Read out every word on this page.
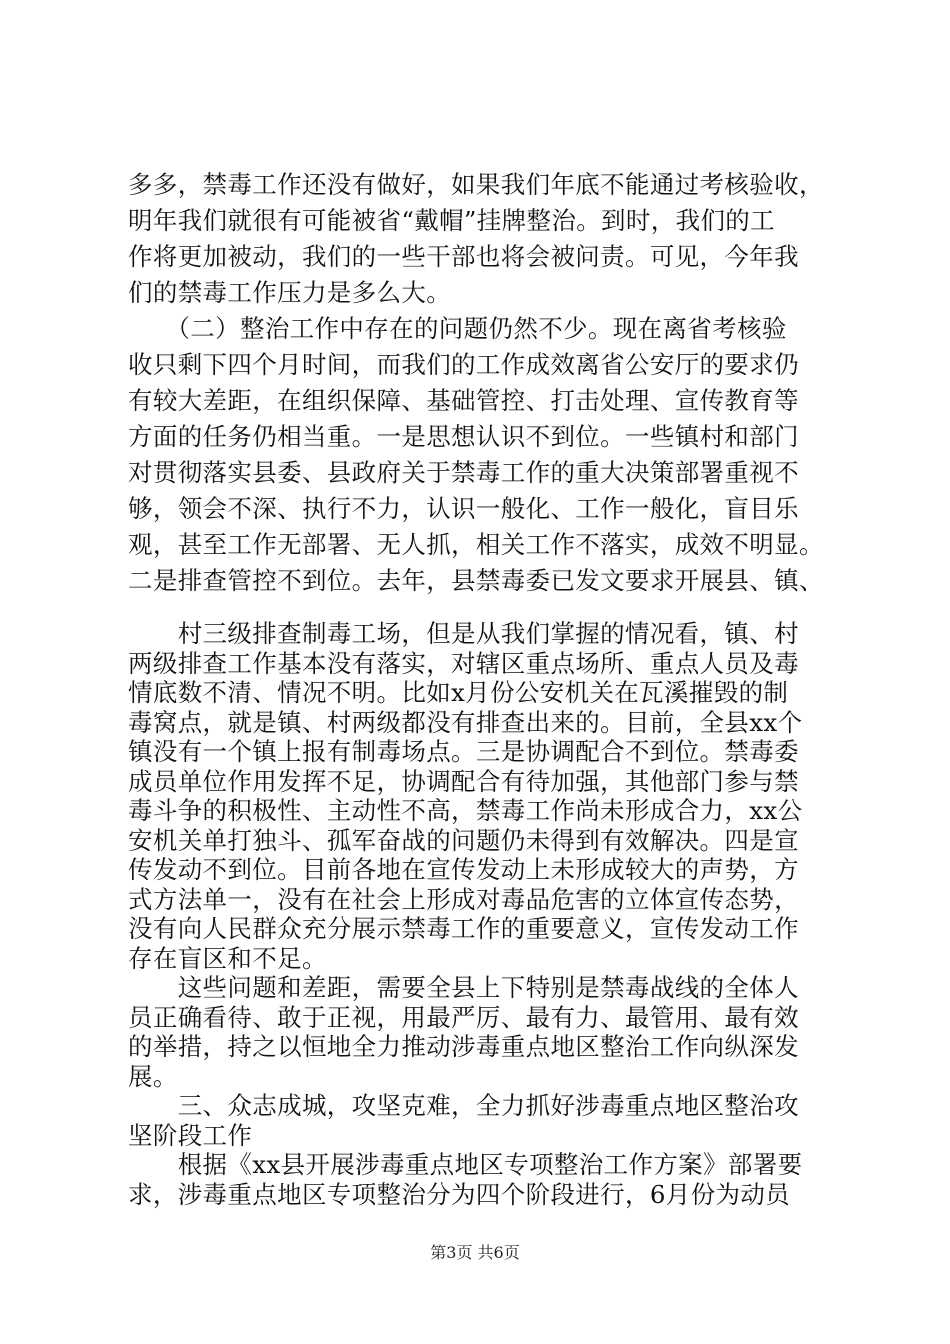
多多，禁毒工作还没有做好，如果我们年底不能通过考核验收，
明年我们就很有可能被省“戴帽”挂牌整治。到时，我们的工
作将更加被动，我们的一些干部也将会被问责。可见，今年我
们的禁毒工作压力是多么大。
　　（二）整治工作中存在的问题仍然不少。现在离省考核验
收只剩下四个月时间，而我们的工作成效离省公安厅的要求仍
有较大差距，在组织保障、基础管控、打击处理、宣传教育等
方面的任务仍相当重。一是思想认识不到位。一些镇村和部门
对贯彻落实县委、县政府关于禁毒工作的重大决策部署重视不
够，领会不深、执行不力，认识一般化、工作一般化，盲目乐
观，甚至工作无部署、无人抓，相关工作不落实，成效不明显。
二是排查管控不到位。去年，县禁毒委已发文要求开展县、镇、
　　村三级排查制毒工场，但是从我们掌握的情况看，镇、村
两级排查工作基本没有落实，对辖区重点场所、重点人员及毒
情底数不清、情况不明。比如x月份公安机关在瓦溪摧毁的制
毒窝点，就是镇、村两级都没有排查出来的。目前，全县xx个
镇没有一个镇上报有制毒场点。三是协调配合不到位。禁毒委
成员单位作用发挥不足，协调配合有待加强，其他部门参与禁
毒斗争的积极性、主动性不高，禁毒工作尚未形成合力，xx公
安机关单打独斗、孤军奋战的问题仍未得到有效解决。四是宣
传发动不到位。目前各地在宣传发动上未形成较大的声势，方
式方法单一，没有在社会上形成对毒品危害的立体宣传态势，
没有向人民群众充分展示禁毒工作的重要意义，宣传发动工作
存在盲区和不足。
　　这些问题和差距，需要全县上下特别是禁毒战线的全体人
员正确看待、敢于正视，用最严厉、最有力、最管用、最有效
的举措，持之以恒地全力推动涉毒重点地区整治工作向纵深发
展。
　　三、众志成城，攻坚克难，全力抓好涉毒重点地区整治攻
坚阶段工作
　　根据《xx县开展涉毒重点地区专项整治工作方案》部署要
求，涉毒重点地区专项整治分为四个阶段进行，6月份为动员
第3页 共6页
